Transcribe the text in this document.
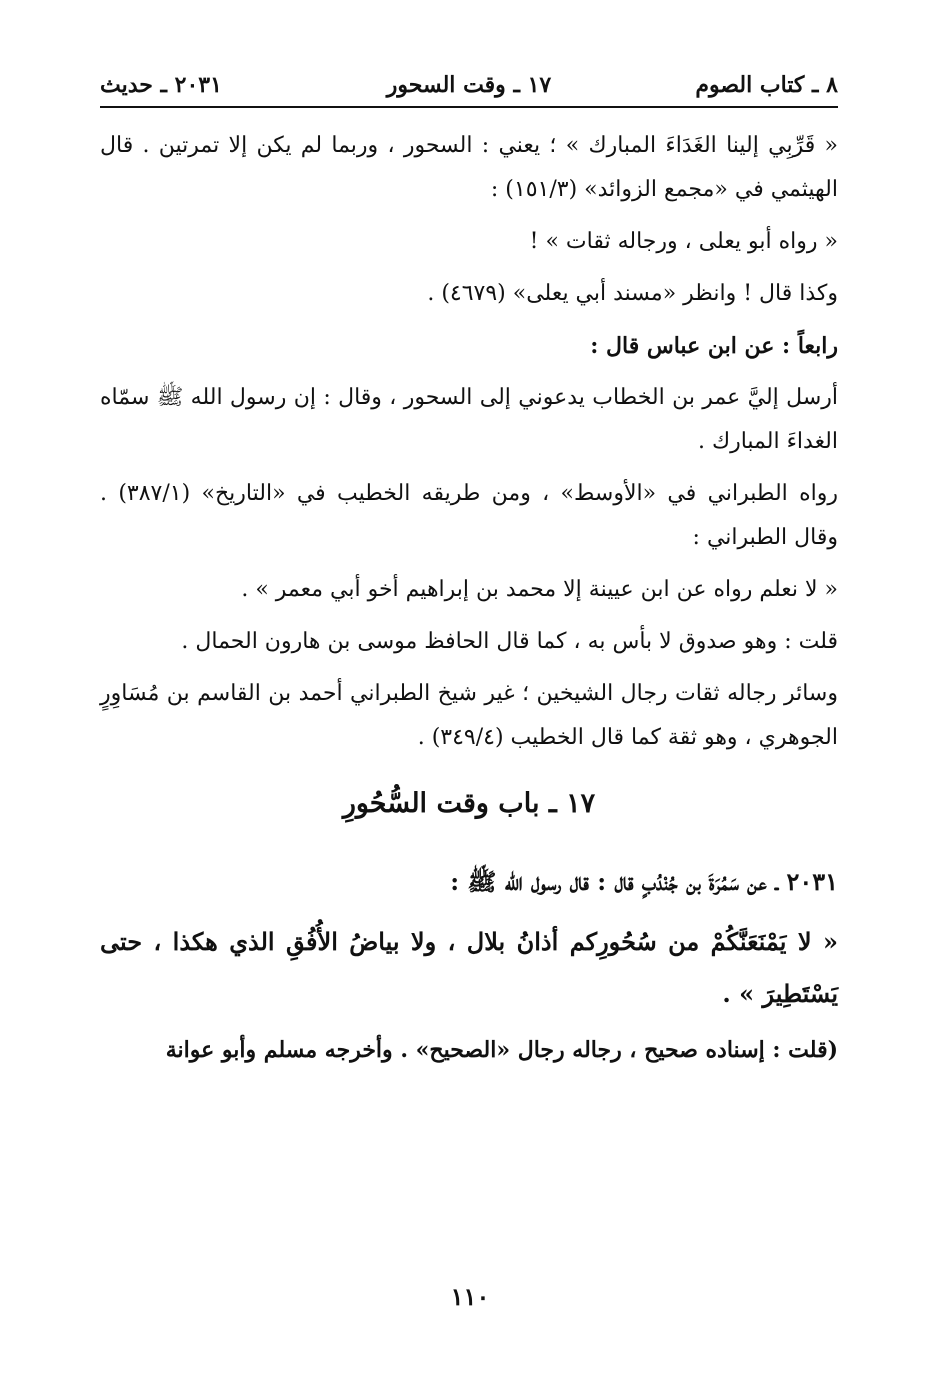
٨ ـ كتاب الصوم
١٧ ـ وقت السحور
٢٠٣١ ـ حديث

« قَرِّبِي إلينا الغَدَاءَ المبارك » ؛ يعني : السحور ، وربما لم يكن إلا تمرتين . قال الهيثمي في «مجمع الزوائد» (١٥١/٣) :

« رواه أبو يعلى ، ورجاله ثقات » !

وكذا قال ! وانظر «مسند أبي يعلى» (٤٦٧٩) .

رابعاً : عن ابن عباس قال :

أرسل إليَّ عمر بن الخطاب يدعوني إلى السحور ، وقال : إن رسول الله ﷺ سمّاه الغداءَ المبارك .

رواه الطبراني في «الأوسط» ، ومن طريقه الخطيب في «التاريخ» (٣٨٧/١) . وقال الطبراني :

« لا نعلم رواه عن ابن عيينة إلا محمد بن إبراهيم أخو أبي معمر » .

قلت : وهو صدوق لا بأس به ، كما قال الحافظ موسى بن هارون الحمال .

وسائر رجاله ثقات رجال الشيخين ؛ غير شيخ الطبراني أحمد بن القاسم بن مُسَاوِرٍ الجوهري ، وهو ثقة كما قال الخطيب (٣٤٩/٤) .

١٧ ـ باب وقت السُّحُورِ

٢٠٣١ ـ عن سَمُرَةَ بن جُنْدُبٍ قال : قال رسول الله ﷺ :

« لا يَمْنَعَنَّكُمْ من سُحُورِكم أذانُ بلال ، ولا بياضُ الأُفُقِ الذي هكذا ، حتى يَسْتَطِيرَ » .

(قلت : إسناده صحيح ، رجاله رجال «الصحيح» . وأخرجه مسلم وأبو عوانة

١١٠
